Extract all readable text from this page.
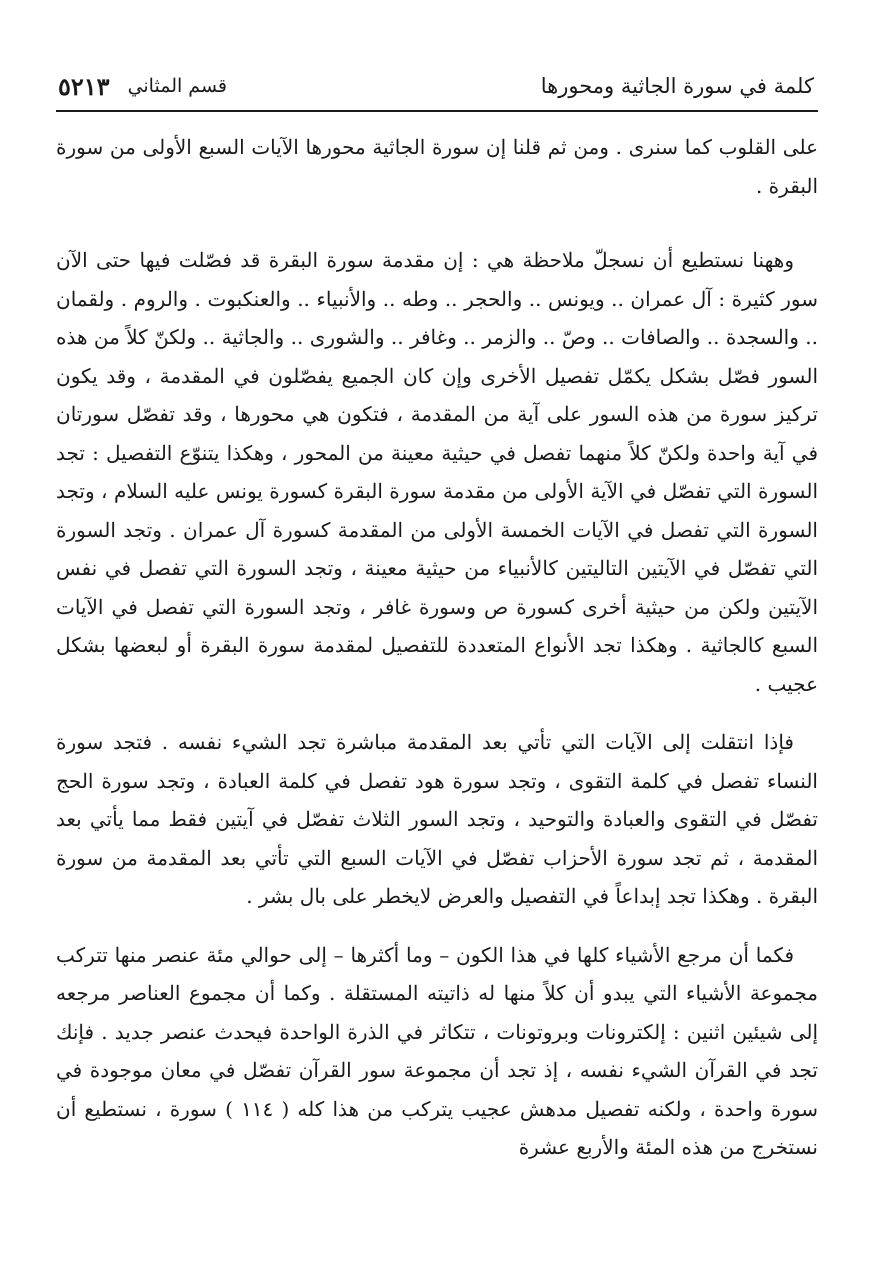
كلمة في سورة الجاثية ومحورها
قسم المثاني
٥٢١٣

على القلوب كما سنرى . ومن ثم قلنا إن سورة الجاثية محورها الآيات السبع الأولى من سورة البقرة .

وههنا نستطيع أن نسجلّ ملاحظة هي : إن مقدمة سورة البقرة قد فصّلت فيها حتى الآن سور كثيرة : آل عمران .. ويونس .. والحجر .. وطه .. والأنبياء .. والعنكبوت . والروم . ولقمان .. والسجدة .. والصافات .. وصّ .. والزمر .. وغافر .. والشورى .. والجاثية .. ولكنّ كلاً من هذه السور فصّل بشكل يكمّل تفصيل الأخرى وإن كان الجميع يفصّلون في المقدمة ، وقد يكون تركيز سورة من هذه السور على آية من المقدمة ، فتكون هي محورها ، وقد تفصّل سورتان في آية واحدة ولكنّ كلاً منهما تفصل في حيثية معينة من المحور ، وهكذا يتنوّع التفصيل : تجد السورة التي تفصّل في الآية الأولى من مقدمة سورة البقرة كسورة يونس عليه السلام ، وتجد السورة التي تفصل في الآيات الخمسة الأولى من المقدمة كسورة آل عمران . وتجد السورة التي تفصّل في الآيتين التاليتين كالأنبياء من حيثية معينة ، وتجد السورة التي تفصل في نفس الآيتين ولكن من حيثية أخرى كسورة ص وسورة غافر ، وتجد السورة التي تفصل في الآيات السبع كالجاثية . وهكذا تجد الأنواع المتعددة للتفصيل لمقدمة سورة البقرة أو لبعضها بشكل عجيب .

فإذا انتقلت إلى الآيات التي تأتي بعد المقدمة مباشرة تجد الشيء نفسه . فتجد سورة النساء تفصل في كلمة التقوى ، وتجد سورة هود تفصل في كلمة العبادة ، وتجد سورة الحج تفصّل في التقوى والعبادة والتوحيد ، وتجد السور الثلاث تفصّل في آيتين فقط مما يأتي بعد المقدمة ، ثم تجد سورة الأحزاب تفصّل في الآيات السبع التي تأتي بعد المقدمة من سورة البقرة . وهكذا تجد إبداعاً في التفصيل والعرض لايخطر على بال بشر .

فكما أن مرجع الأشياء كلها في هذا الكون – وما أكثرها – إلى حوالي مئة عنصر منها تتركب مجموعة الأشياء التي يبدو أن كلاً منها له ذاتيته المستقلة . وكما أن مجموع العناصر مرجعه إلى شيئين اثنين : إلكترونات وبروتونات ، تتكاثر في الذرة الواحدة فيحدث عنصر جديد . فإنك تجد في القرآن الشيء نفسه ، إذ تجد أن مجموعة سور القرآن تفصّل في معان موجودة في سورة واحدة ، ولكنه تفصيل مدهش عجيب يتركب من هذا كله ( ١١٤ ) سورة ، نستطيع أن نستخرج من هذه المئة والأربع عشرة
